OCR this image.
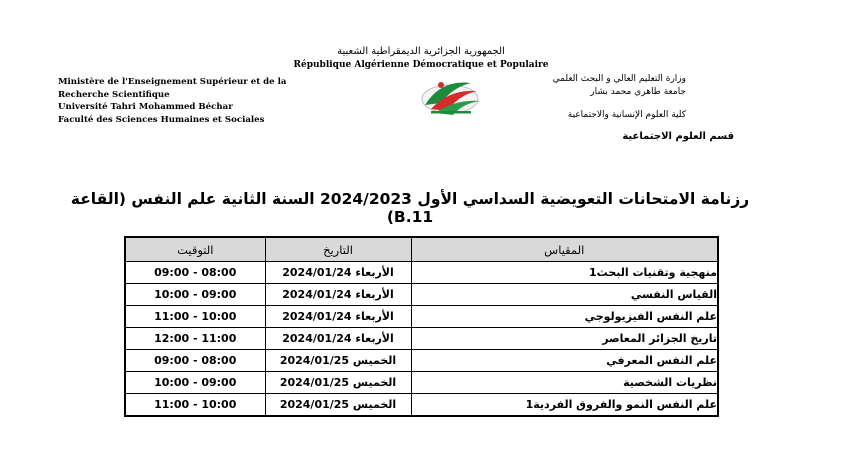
الجمهورية الجزائرية الديمقراطية الشعبية
République Algérienne Démocratique et Populaire
Ministère de l'Enseignement Supérieur et de la
Recherche Scientifique
Université Tahri Mohammed Béchar
Faculté des Sciences Humaines et Sociales
وزارة التعليم العالي و البحث العلمي
جامعة طاهري محمد بشار
كلية العلوم الإنسانية والاجتماعية
قسم العلوم الاجتماعية
رزنامة الامتحانات التعويضية السداسي الأول 2024/2023 السنة الثانية علم النفس (القاعة B.11)
التوقيت	التاريخ	المقياس
09:00 - 08:00	2024/01/24 الأربعاء	منهجية وتقنيات البحث1
10:00 - 09:00	2024/01/24 الأربعاء	القياس النفسي
11:00 - 10:00	2024/01/24 الأربعاء	علم النفس الفيزيولوجي
12:00 - 11:00	2024/01/24 الأربعاء	تاريخ الجزائر المعاصر
09:00 - 08:00	2024/01/25 الخميس	علم النفس المعرفي
10:00 - 09:00	2024/01/25 الخميس	نظريات الشخصية
11:00 - 10:00	2024/01/25 الخميس	علم النفس النمو والفروق الفردية1
